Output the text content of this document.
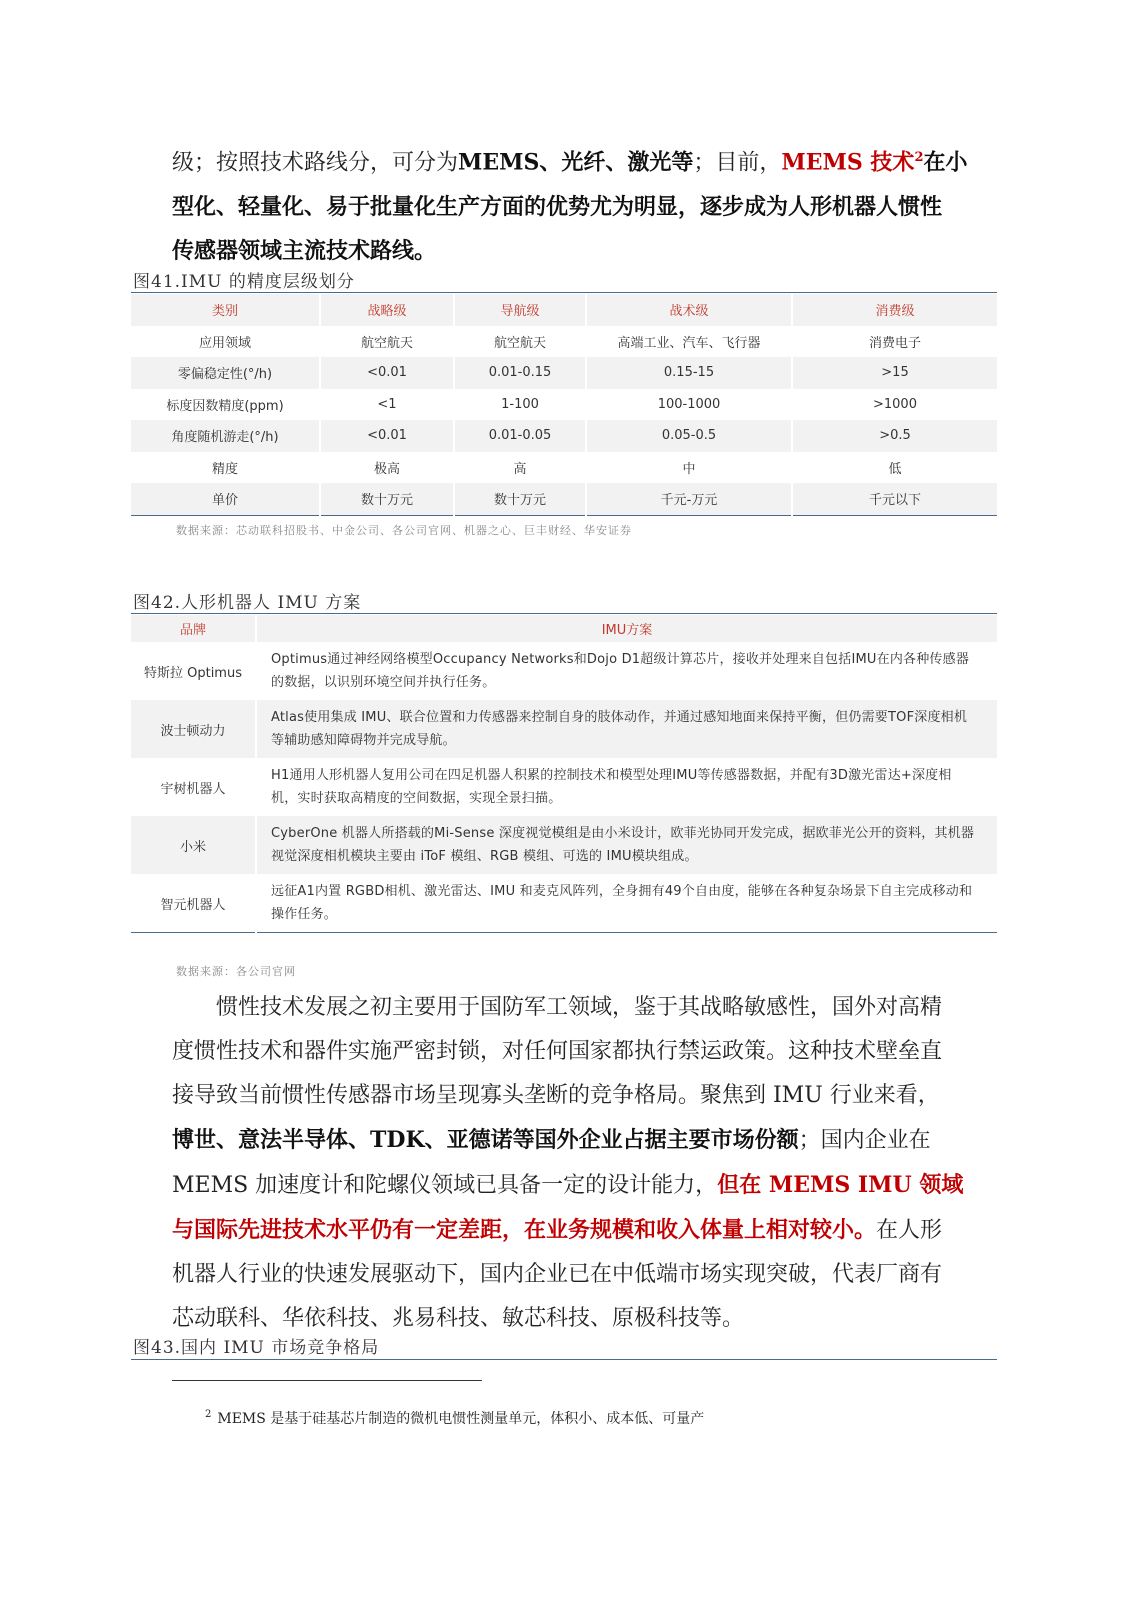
级；按照技术路线分，可分为MEMS、光纤、激光等；目前，MEMS 技术$^2$在小
型化、轻量化、易于批量化生产方面的优势尤为明显，逐步成为人形机器人惯性
传感器领域主流技术路线。
图41.IMU 的精度层级划分
类别	战略级	导航级	战术级	消费级
应用领域	航空航天	航空航天	高端工业、汽车、飞行器	消费电子
零偏稳定性(°/h)	<0.01	0.01-0.15	0.15-15	>15
标度因数精度(ppm)	<1	1-100	100-1000	>1000
角度随机游走(°/h)	<0.01	0.01-0.05	0.05-0.5	>0.5
精度	极高	高	中	低
单价	数十万元	数十万元	千元-万元	千元以下
数据来源：芯动联科招股书、中金公司、各公司官网、机器之心、巨丰财经、华安证券
图42.人形机器人 IMU 方案
品牌	IMU方案
特斯拉 Optimus	Optimus通过神经网络模型Occupancy Networks和Dojo D1超级计算芯片，接收并处理来自包括IMU在内各种传感器的数据，以识别环境空间并执行任务。
波士顿动力	Atlas使用集成 IMU、联合位置和力传感器来控制自身的肢体动作，并通过感知地面来保持平衡，但仍需要TOF深度相机等辅助感知障碍物并完成导航。
宇树机器人	H1通用人形机器人复用公司在四足机器人积累的控制技术和模型处理IMU等传感器数据，并配有3D激光雷达+深度相机，实时获取高精度的空间数据，实现全景扫描。
小米	CyberOne 机器人所搭载的Mi-Sense 深度视觉模组是由小米设计，欧菲光协同开发完成，据欧菲光公开的资料，其机器视觉深度相机模块主要由 iToF 模组、RGB 模组、可选的 IMU模块组成。
智元机器人	远征A1内置 RGBD相机、激光雷达、IMU 和麦克风阵列，全身拥有49个自由度，能够在各种复杂场景下自主完成移动和操作任务。
数据来源：各公司官网
惯性技术发展之初主要用于国防军工领域，鉴于其战略敏感性，国外对高精
度惯性技术和器件实施严密封锁，对任何国家都执行禁运政策。这种技术壁垒直
接导致当前惯性传感器市场呈现寡头垄断的竞争格局。聚焦到 IMU 行业来看，
博世、意法半导体、TDK、亚德诺等国外企业占据主要市场份额；国内企业在
MEMS 加速度计和陀螺仪领域已具备一定的设计能力，但在 MEMS IMU 领域
与国际先进技术水平仍有一定差距，在业务规模和收入体量上相对较小。在人形
机器人行业的快速发展驱动下，国内企业已在中低端市场实现突破，代表厂商有
芯动联科、华依科技、兆易科技、敏芯科技、原极科技等。
图43.国内 IMU 市场竞争格局
$^2$ MEMS 是基于硅基芯片制造的微机电惯性测量单元，体积小、成本低、可量产
